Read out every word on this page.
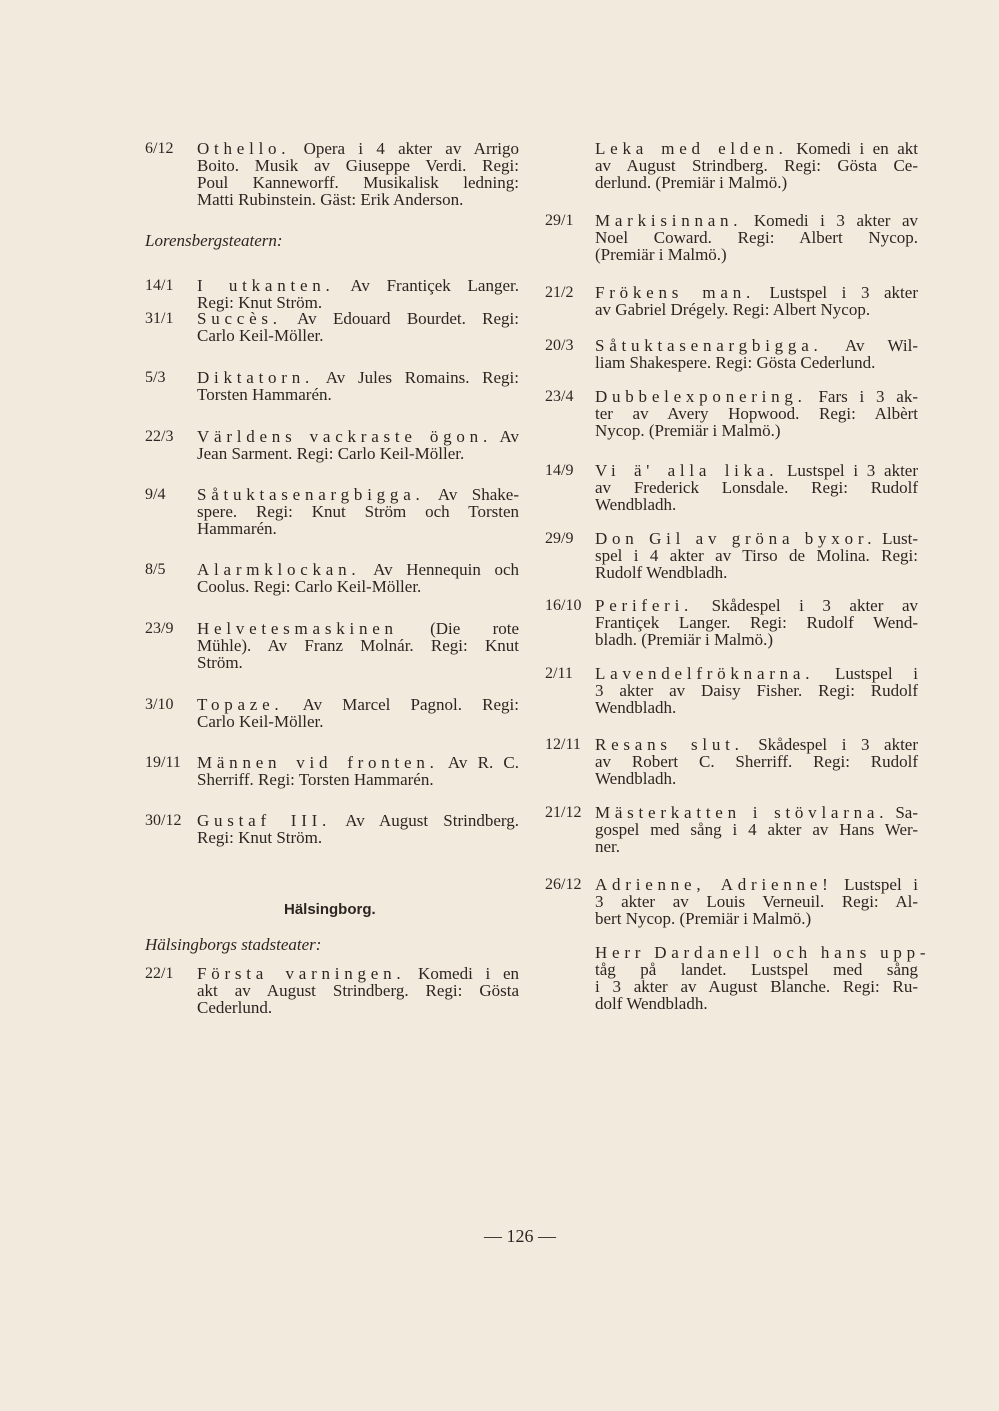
Lorensbergsteatern:
Hälsingborg.
Hälsingborgs stadsteater:
— 126 —
6/12 Othello. Opera i 4 akter av Arrigo
Boito. Musik av Giuseppe Verdi. Regi:
Poul Kanneworff. Musikalisk ledning:
Matti Rubinstein. Gäst: Erik Anderson.
14/1 I utkanten. Av Frantiçek Langer.
Regi: Knut Ström.
31/1 Succès. Av Edouard Bourdet. Regi:
Carlo Keil-Möller.
5/3 Diktatorn. Av Jules Romains. Regi:
Torsten Hammarén.
22/3 Världens vackraste ögon. Av
Jean Sarment. Regi: Carlo Keil-Möller.
9/4 Såtuktasenargbigga. Av Shake-
spere. Regi: Knut Ström och Torsten
Hammarén.
8/5 Alarmklockan. Av Hennequin och
Coolus. Regi: Carlo Keil-Möller.
23/9 Helvetesmaskinen (Die rote
Mühle). Av Franz Molnár. Regi: Knut
Ström.
3/10 Topaze. Av Marcel Pagnol. Regi:
Carlo Keil-Möller.
19/11 Männen vid fronten. Av R. C.
Sherriff. Regi: Torsten Hammarén.
30/12 Gustaf III. Av August Strindberg.
Regi: Knut Ström.
22/1 Första varningen. Komedi i en
akt av August Strindberg. Regi: Gösta
Cederlund.
Leka med elden. Komedi i en akt
av August Strindberg. Regi: Gösta Ce-
derlund. (Premiär i Malmö.)
29/1 Markisinnan. Komedi i 3 akter av
Noel Coward. Regi: Albert Nycop.
(Premiär i Malmö.)
21/2 Frökens man. Lustspel i 3 akter
av Gabriel Drégely. Regi: Albert Nycop.
20/3 Såtuktasenargbigga. Av Wil-
liam Shakespere. Regi: Gösta Cederlund.
23/4 Dubbelexponering. Fars i 3 ak-
ter av Avery Hopwood. Regi: Albèrt
Nycop. (Premiär i Malmö.)
14/9 Vi ä' alla lika. Lustspel i 3 akter
av Frederick Lonsdale. Regi: Rudolf
Wendbladh.
29/9 Don Gil av gröna byxor. Lust-
spel i 4 akter av Tirso de Molina. Regi:
Rudolf Wendbladh.
16/10 Periferi. Skådespel i 3 akter av
Frantiçek Langer. Regi: Rudolf Wend-
bladh. (Premiär i Malmö.)
2/11 Lavendelfröknarna. Lustspel i
3 akter av Daisy Fisher. Regi: Rudolf
Wendbladh.
12/11 Resans slut. Skådespel i 3 akter
av Robert C. Sherriff. Regi: Rudolf
Wendbladh.
21/12 Mästerkatten i stövlarna. Sa-
gospel med sång i 4 akter av Hans Wer-
ner.
26/12 Adrienne, Adrienne! Lustspel i
3 akter av Louis Verneuil. Regi: Al-
bert Nycop. (Premiär i Malmö.)
Herr Dardanell och hans upp-
tåg på landet. Lustspel med sång
i 3 akter av August Blanche. Regi: Ru-
dolf Wendbladh.
